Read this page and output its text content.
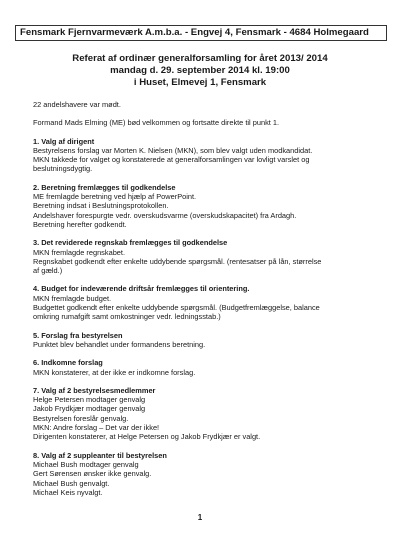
Fensmark Fjernvarmeværk A.m.b.a. - Engvej 4, Fensmark - 4684 Holmegaard
Referat af ordinær generalforsamling for året 2013/ 2014
mandag d. 29. september 2014 kl. 19:00
i Huset, Elmevej 1, Fensmark

22 andelshavere var mødt.

Formand Mads Elming (ME) bød velkommen og fortsatte direkte til punkt 1.

1. Valg af dirigent

Bestyrelsens forslag var Morten K. Nielsen (MKN), som blev valgt uden modkandidat.

MKN takkede for valget og konstaterede at generalforsamlingen var lovligt varslet og

beslutningsdygtig.

2. Beretning fremlægges til godkendelse

ME fremlagde beretning ved hjælp af PowerPoint.

Beretning indsat i Beslutningsprotokollen.

Andelshaver forespurgte vedr. overskudsvarme (overskudskapacitet) fra Ardagh.

Beretning herefter godkendt.

3. Det reviderede regnskab fremlægges til godkendelse

MKN fremlagde regnskabet.

Regnskabet godkendt efter enkelte uddybende spørgsmål. (rentesatser på lån, størrelse

af gæld.)

4. Budget for indeværende driftsår fremlægges til orientering.

MKN fremlagde budget.

Budgettet godkendt efter enkelte uddybende spørgsmål. (Budgetfremlæggelse, balance

omkring rumafgift samt omkostninger vedr. ledningsstab.)

5. Forslag fra bestyrelsen

Punktet blev behandlet under formandens beretning.

6. Indkomne forslag

MKN konstaterer, at der ikke er indkomne forslag.

7. Valg af 2 bestyrelsesmedlemmer

Helge Petersen modtager genvalg

Jakob Frydkjær modtager genvalg

Bestyrelsen foreslår genvalg.

MKN: Andre forslag – Det var der ikke!

Dirigenten konstaterer, at Helge Petersen og Jakob Frydkjær er valgt.

8. Valg af 2 suppleanter til bestyrelsen

Michael Bush modtager genvalg

Gert Sørensen ønsker ikke genvalg.

Michael Bush genvalgt.

Michael Keis nyvalgt.

1
